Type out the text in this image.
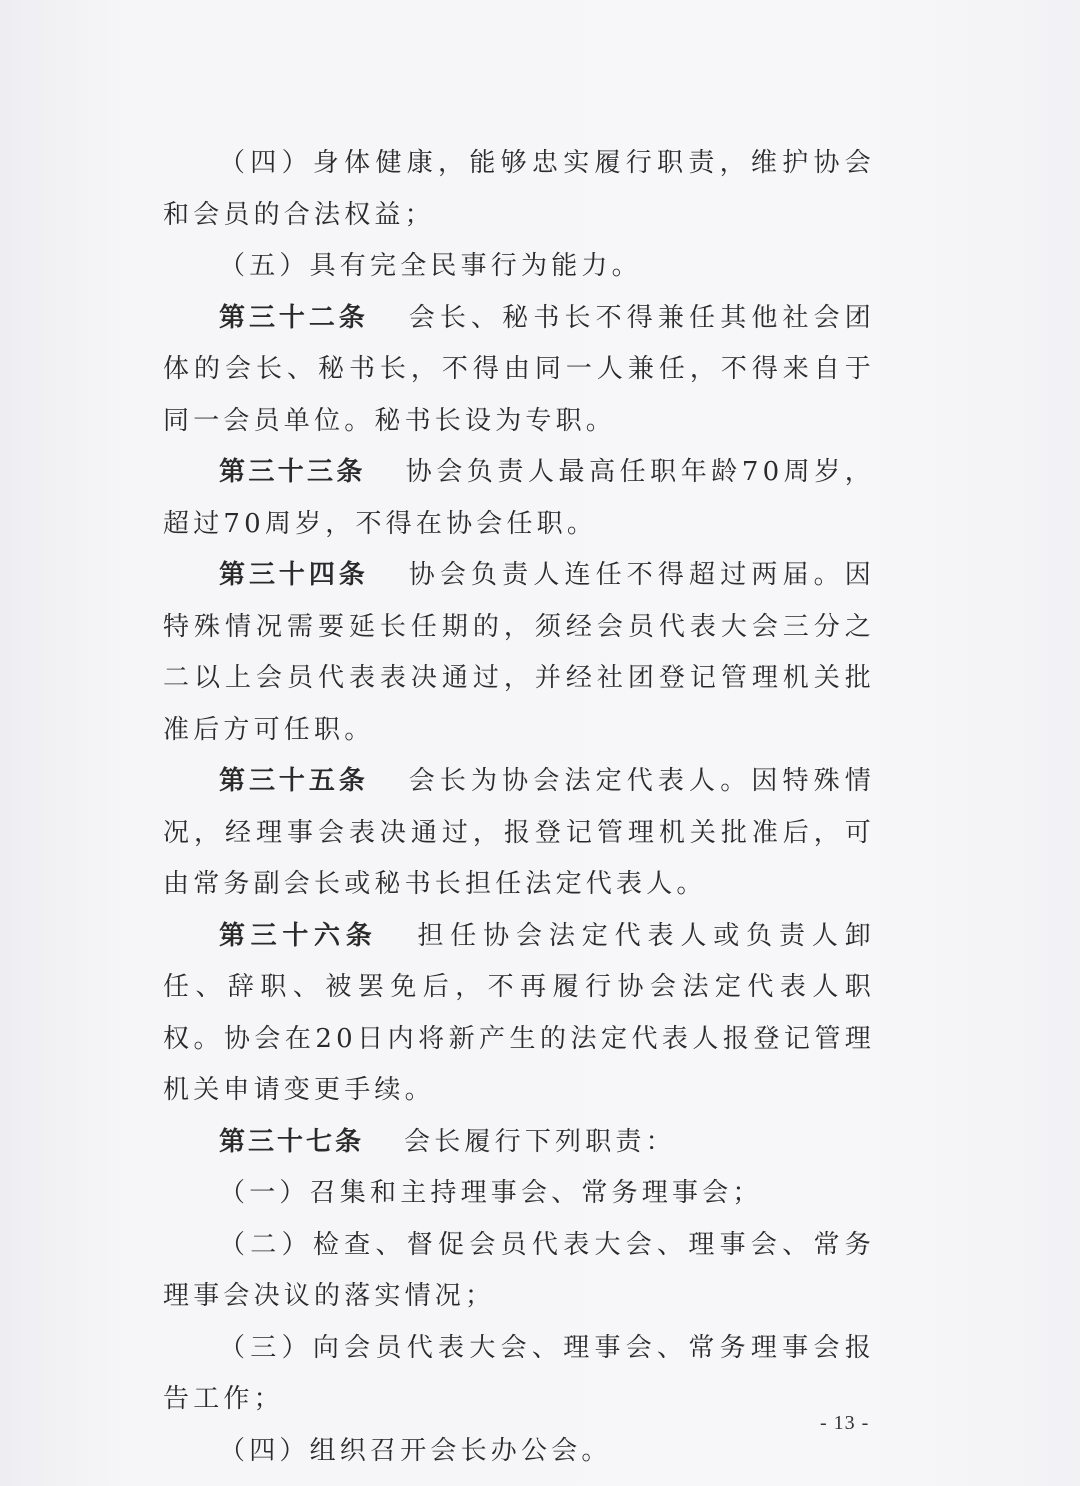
（四）身体健康，能够忠实履行职责，维护协会和会员的合法权益；

（五）具有完全民事行为能力。

第三十二条 会长、秘书长不得兼任其他社会团体的会长、秘书长，不得由同一人兼任，不得来自于同一会员单位。秘书长设为专职。

第三十三条 协会负责人最高任职年龄70周岁，超过70周岁，不得在协会任职。

第三十四条 协会负责人连任不得超过两届。因特殊情况需要延长任期的，须经会员代表大会三分之二以上会员代表表决通过，并经社团登记管理机关批准后方可任职。

第三十五条 会长为协会法定代表人。因特殊情况，经理事会表决通过，报登记管理机关批准后，可由常务副会长或秘书长担任法定代表人。

第三十六条 担任协会法定代表人或负责人卸任、辞职、被罢免后，不再履行协会法定代表人职权。协会在20日内将新产生的法定代表人报登记管理机关申请变更手续。

第三十七条 会长履行下列职责：

（一）召集和主持理事会、常务理事会；

（二）检查、督促会员代表大会、理事会、常务理事会决议的落实情况；

（三）向会员代表大会、理事会、常务理事会报告工作；

（四）组织召开会长办公会。

- 13 -
